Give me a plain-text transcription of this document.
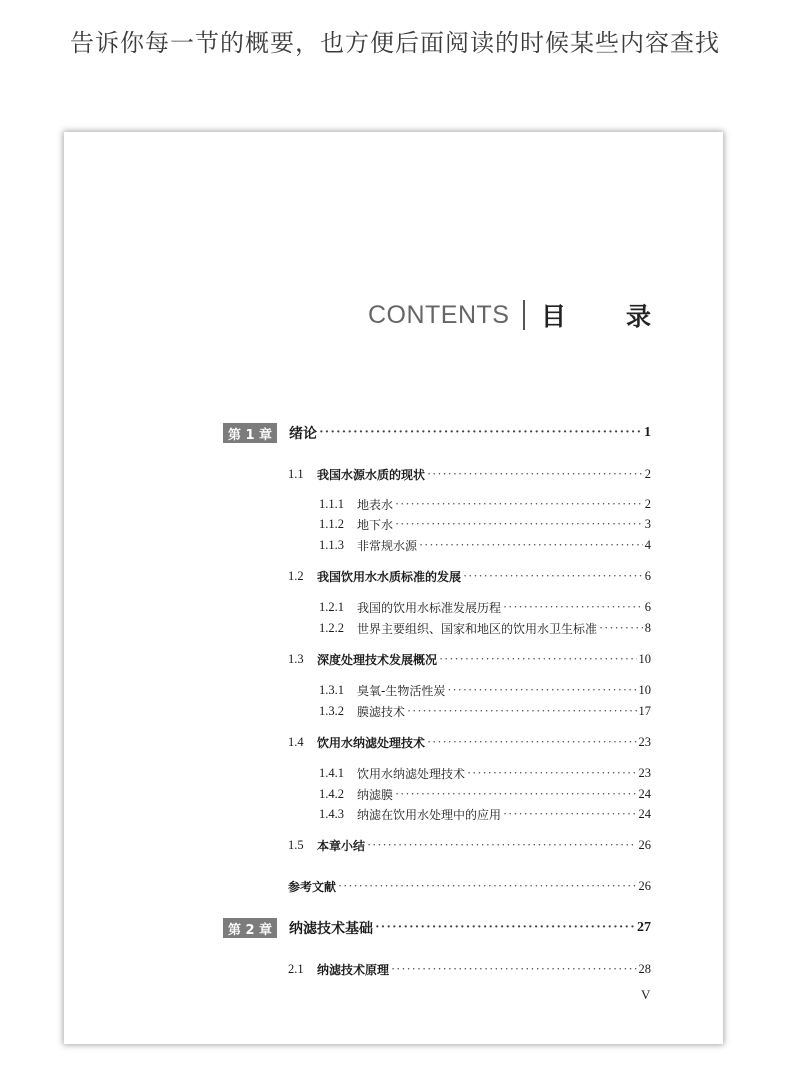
告诉你每一节的概要，也方便后面阅读的时候某些内容查找
CONTENTS 目录
第 1 章	绪论 ·····	1
1.1	我国水源水质的现状 ·····	2
1.1.1	地表水 ·····	2
1.1.2	地下水 ·····	3
1.1.3	非常规水源 ·····	4
1.2	我国饮用水水质标准的发展 ·····	6
1.2.1	我国的饮用水标准发展历程 ·····	6
1.2.2	世界主要组织、国家和地区的饮用水卫生标准 ·····	8
1.3	深度处理技术发展概况 ·····	10
1.3.1	臭氧-生物活性炭 ·····	10
1.3.2	膜滤技术 ·····	17
1.4	饮用水纳滤处理技术 ·····	23
1.4.1	饮用水纳滤处理技术 ·····	23
1.4.2	纳滤膜 ·····	24
1.4.3	纳滤在饮用水处理中的应用 ·····	24
1.5	本章小结 ·····	26
参考文献 ·····	26
第 2 章	纳滤技术基础 ·····	27
2.1	纳滤技术原理 ·····	28
V
